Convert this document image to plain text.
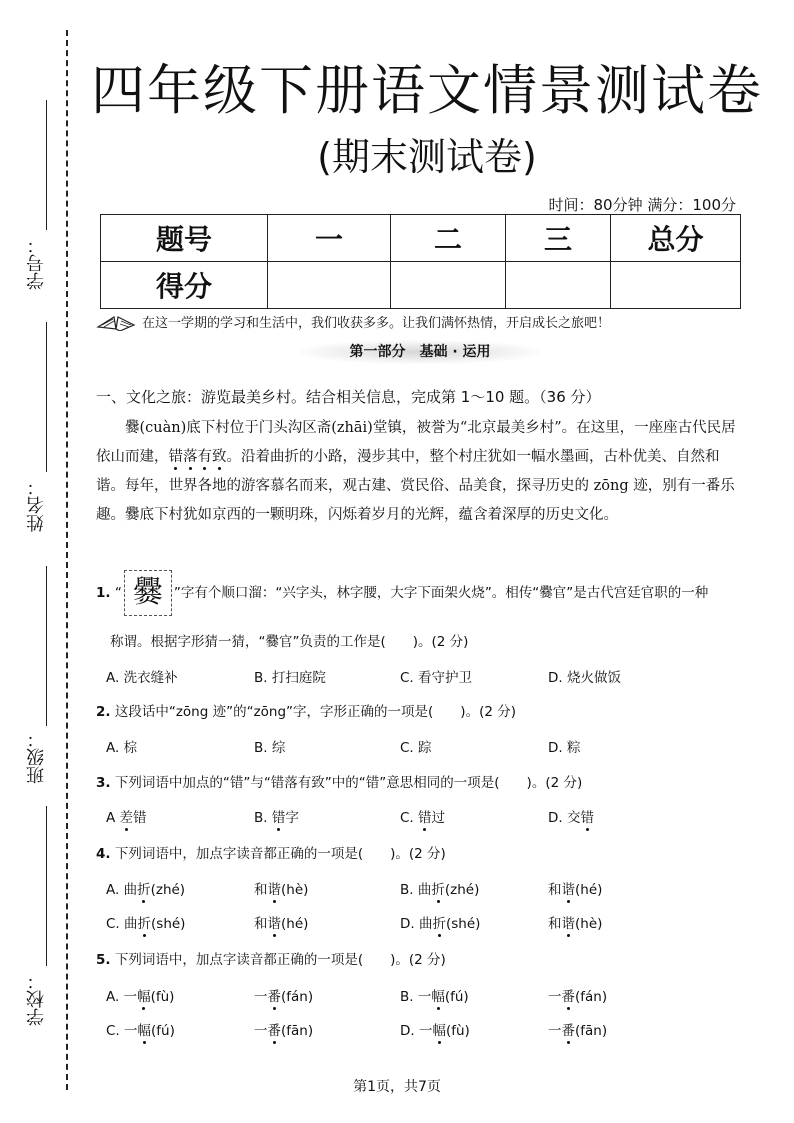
学号：
姓名：
班级：
学校：
四年级下册语文情景测试卷
(期末测试卷)
时间：80分钟 满分：100分
题号	一	二	三	总分
得分				
在这一学期的学习和生活中，我们收获多多。让我们满怀热情，开启成长之旅吧！
第一部分　基础 · 运用
一、文化之旅：游览最美乡村。结合相关信息，完成第 1～10 题。（36 分）
爨(cuàn)底下村位于门头沟区斋(zhāi)堂镇，被誉为“北京最美乡村”。在这里，一座座古代民居依山而建，错落有致。沿着曲折的小路，漫步其中，整个村庄犹如一幅水墨画，古朴优美、自然和谐。每年，世界各地的游客慕名而来，观古建、赏民俗、品美食，探寻历史的 zōng 迹，别有一番乐趣。爨底下村犹如京西的一颗明珠，闪烁着岁月的光辉，蕴含着深厚的历史文化。
1. “ 爨 ”字有个顺口溜：“兴字头，林字腰，大字下面架火烧”。相传“爨官”是古代宫廷官职的一种
称谓。根据字形猜一猜，“爨官”负责的工作是(　　)。(2 分)
A. 洗衣缝补	B. 打扫庭院	C. 看守护卫	D. 烧火做饭
2. 这段话中“zōng 迹”的“zōng”字，字形正确的一项是(　　)。(2 分)
A. 棕	B. 综	C. 踪	D. 粽
3. 下列词语中加点的“错”与“错落有致”中的“错”意思相同的一项是(　　)。(2 分)
A 差错	B. 错字	C. 错过	D. 交错
4. 下列词语中，加点字读音都正确的一项是(　　)。(2 分)
A. 曲折(zhé)	和谐(hè)	B. 曲折(zhé)	和谐(hé)
C. 曲折(shé)	和谐(hé)	D. 曲折(shé)	和谐(hè)
5. 下列词语中，加点字读音都正确的一项是(　　)。(2 分)
A. 一幅(fù)	一番(fán)	B. 一幅(fú)	一番(fán)
C. 一幅(fú)	一番(fān)	D. 一幅(fù)	一番(fān)
第1页，共7页
